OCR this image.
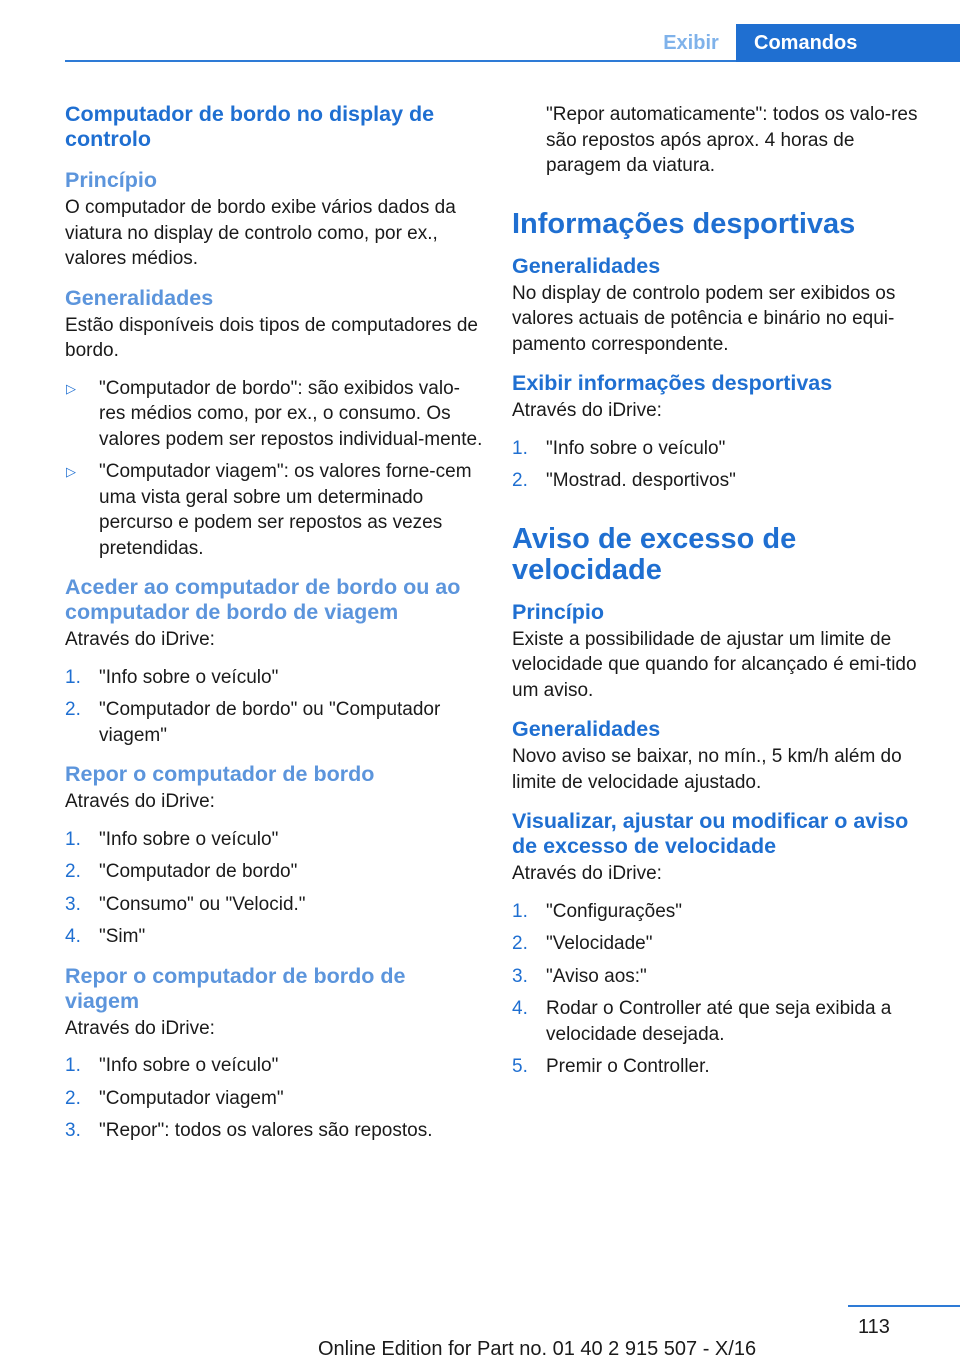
Exibir	Comandos
Computador de bordo no display de controlo
Princípio

O computador de bordo exibe vários dados da viatura no display de controlo como, por ex., valores médios.

Generalidades

Estão disponíveis dois tipos de computadores de bordo.

▷ "Computador de bordo": são exibidos valo-res médios como, por ex., o consumo. Os valores podem ser repostos individual-mente.
▷ "Computador viagem": os valores forne-cem uma vista geral sobre um determinado percurso e podem ser repostos as vezes pretendidas.
Aceder ao computador de bordo ou ao computador de bordo de viagem

Através do iDrive:

1. "Info sobre o veículo"
2. "Computador de bordo" ou "Computador viagem"
Repor o computador de bordo

Através do iDrive:

1. "Info sobre o veículo"
2. "Computador de bordo"
3. "Consumo" ou "Velocid."
4. "Sim"
Repor o computador de bordo de viagem

Através do iDrive:

1. "Info sobre o veículo"
2. "Computador viagem"
3. "Repor": todos os valores são repostos.

"Repor automaticamente": todos os valo-res são repostos após aprox. 4 horas de paragem da viatura.

Informações desportivas
Generalidades

No display de controlo podem ser exibidos os valores actuais de potência e binário no equi-pamento correspondente.

Exibir informações desportivas

Através do iDrive:

1. "Info sobre o veículo"
2. "Mostrad. desportivos"
Aviso de excesso de velocidade
Princípio

Existe a possibilidade de ajustar um limite de velocidade que quando for alcançado é emi-tido um aviso.

Generalidades

Novo aviso se baixar, no mín., 5 km/h além do limite de velocidade ajustado.

Visualizar, ajustar ou modificar o aviso de excesso de velocidade

Através do iDrive:

1. "Configurações"
2. "Velocidade"
3. "Aviso aos:"
4. Rodar o Controller até que seja exibida a velocidade desejada.
5. Premir o Controller.
113
Online Edition for Part no. 01 40 2 915 507 - X/16
